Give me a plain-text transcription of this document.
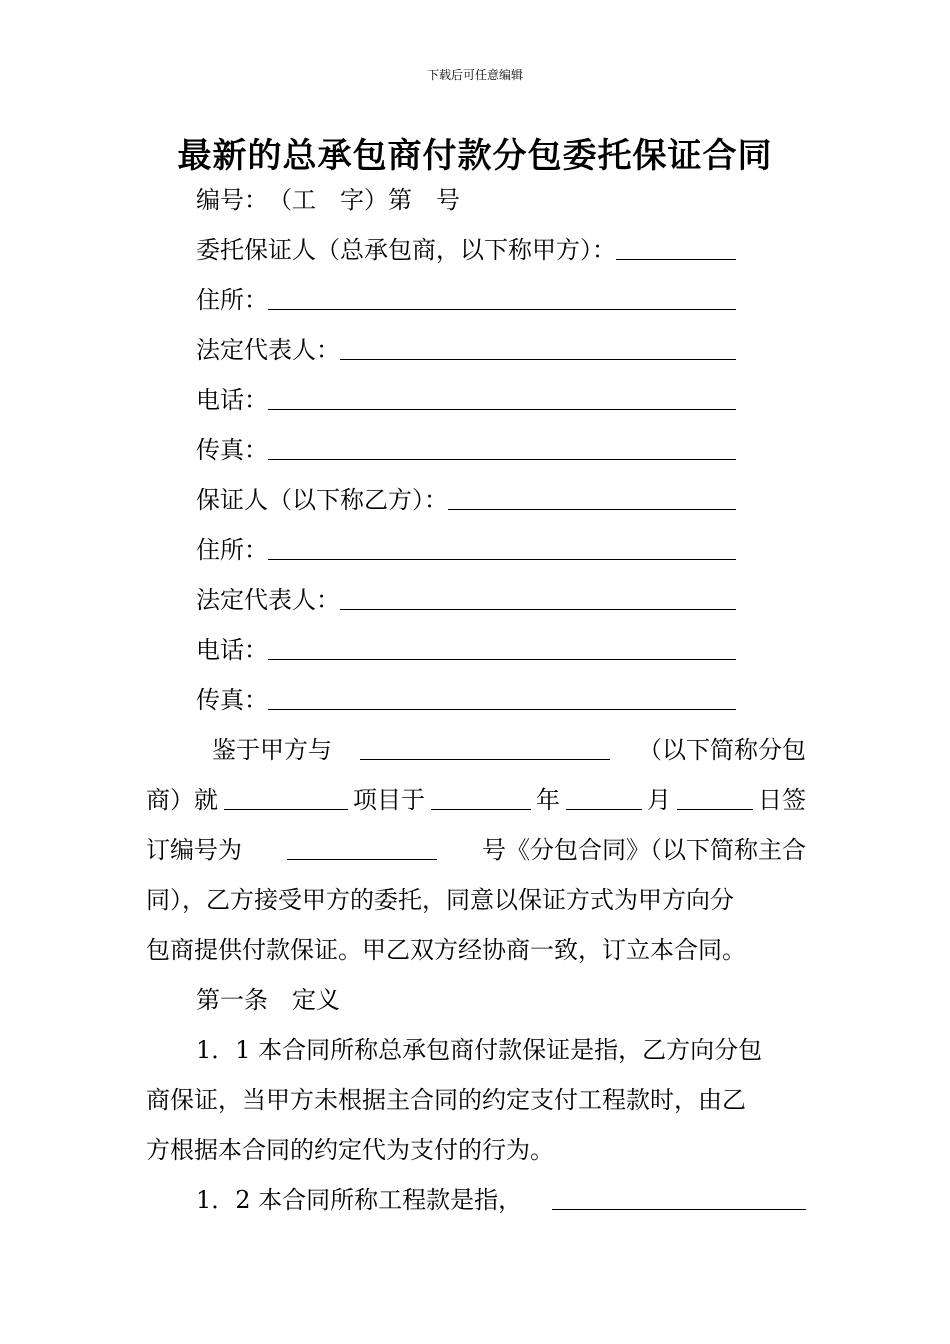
下载后可任意编辑
最新的总承包商付款分包委托保证合同
编号：　（工　字）第　号
委托保证人（总承包商，以下称甲方）：
住所：
法定代表人：
电话：
传真：
保证人（以下称乙方）：
住所：
法定代表人：
电话：
传真：
鉴于甲方与	（以下简称分包
商）就	项目于	年	月	日签
订编号为	号《分包合同》（以下简称主合
同），乙方接受甲方的委托，同意以保证方式为甲方向分
包商提供付款保证。甲乙双方经协商一致，订立本合同。
第一条　定义
1．1 本合同所称总承包商付款保证是指，乙方向分包
商保证，当甲方未根据主合同的约定支付工程款时，由乙
方根据本合同的约定代为支付的行为。
1．2 本合同所称工程款是指，
